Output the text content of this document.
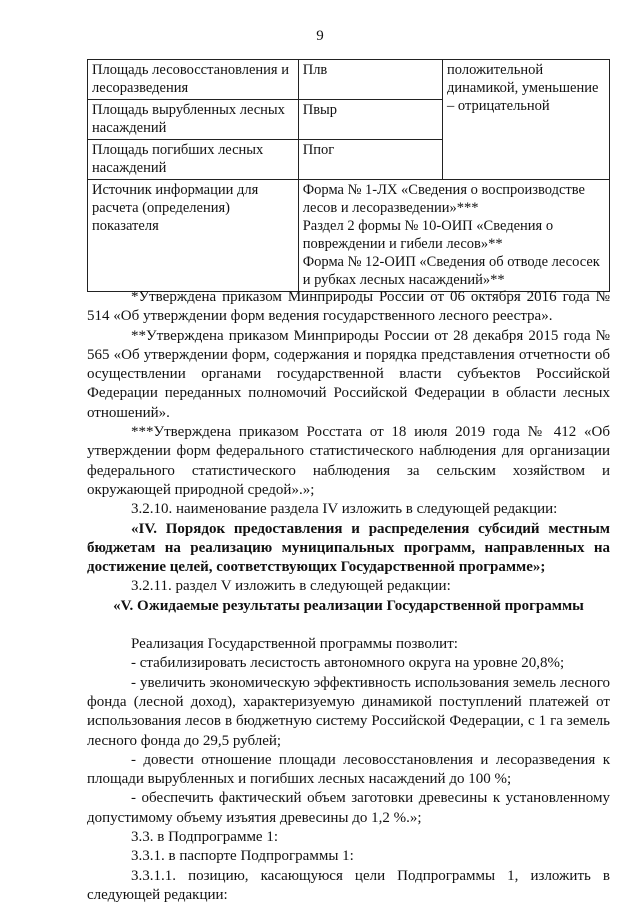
9
Площадь лесовосстановления и лесоразведения	Плв	положительной динамикой, уменьшение – отрицательной
Площадь вырубленных лесных насаждений	Пвыр	
Площадь погибших лесных насаждений	Ппог	
Источник информации для расчета (определения) показателя	Форма № 1-ЛХ «Сведения о воспроизводстве лесов и лесоразведении»***
Раздел 2 формы № 10-ОИП «Сведения о повреждении и гибели лесов»**
Форма № 12-ОИП «Сведения об отводе лесосек и рубках лесных насаждений»**	

*Утверждена приказом Минприроды России от 06 октября 2016 года № 514 «Об утверждении форм ведения государственного лесного реестра».

**Утверждена приказом Минприроды России от 28 декабря 2015 года № 565 «Об утверждении форм, содержания и порядка представления отчетности об осуществлении органами государственной власти субъектов Российской Федерации переданных полномочий Российской Федерации в области лесных отношений».

***Утверждена приказом Росстата от 18 июля 2019 года № 412 «Об утверждении форм федерального статистического наблюдения для организации федерального статистического наблюдения за сельским хозяйством и окружающей природной средой».»;

3.2.10. наименование раздела IV изложить в следующей редакции:

«IV. Порядок предоставления и распределения субсидий местным бюджетам на реализацию муниципальных программ, направленных на достижение целей, соответствующих Государственной программе»;

3.2.11. раздел V изложить в следующей редакции:

«V. Ожидаемые результаты реализации Государственной программы

Реализация Государственной программы позволит:

- стабилизировать лесистость автономного округа на уровне 20,8%;

- увеличить экономическую эффективность использования земель лесного фонда (лесной доход), характеризуемую динамикой поступлений платежей от использования лесов в бюджетную систему Российской Федерации, с 1 га земель лесного фонда до 29,5 рублей;

- довести отношение площади лесовосстановления и лесоразведения к площади вырубленных и погибших лесных насаждений до 100 %;

- обеспечить фактический объем заготовки древесины к установленному допустимому объему изъятия древесины до 1,2 %.»;

3.3. в Подпрограмме 1:

3.3.1. в паспорте Подпрограммы 1:

3.3.1.1. позицию, касающуюся цели Подпрограммы 1, изложить в следующей редакции:
